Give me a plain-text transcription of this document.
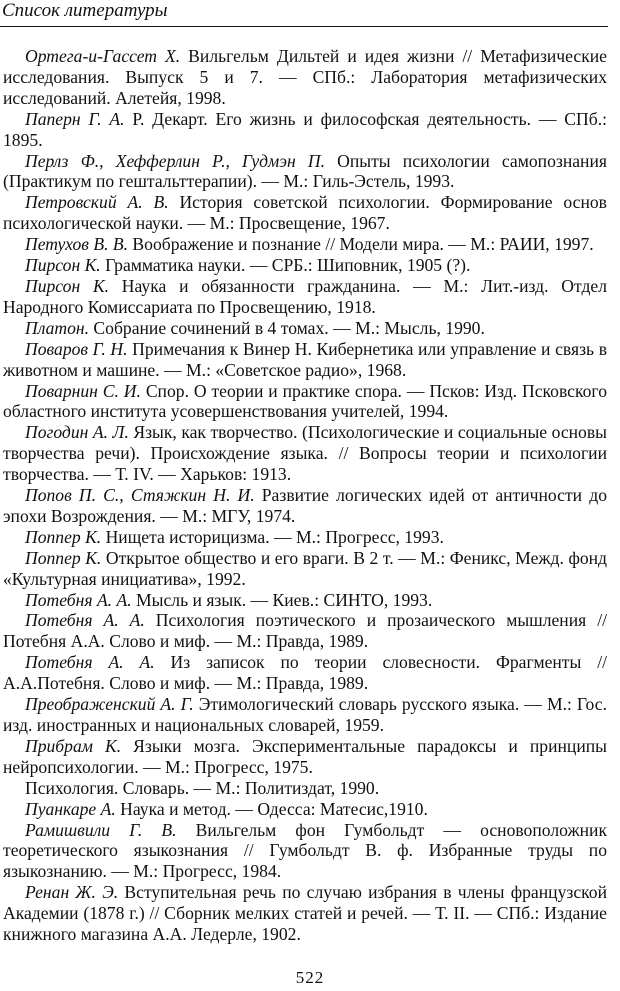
Список литературы

Ортега-и-Гассет Х. Вильгельм Дильтей и идея жизни // Метафизические исследования. Выпуск 5 и 7. — СПб.: Лаборатория метафизических исследований. Алетейя, 1998.

Паперн Г. А. Р. Декарт. Его жизнь и философская деятельность. — СПб.: 1895.

Перлз Ф., Хефферлин Р., Гудмэн П. Опыты психологии самопознания (Практикум по гештальттерапии). — М.: Гиль-Эстель, 1993.

Петровский А. В. История советской психологии. Формирование основ психологической науки. — М.: Просвещение, 1967.

Петухов В. В. Воображение и познание // Модели мира. — М.: РАИИ, 1997.

Пирсон К. Грамматика науки. — СРБ.: Шиповник, 1905 (?).

Пирсон К. Наука и обязанности гражданина. — М.: Лит.-изд. Отдел Народного Комиссариата по Просвещению, 1918.

Платон. Собрание сочинений в 4 томах. — М.: Мысль, 1990.

Поваров Г. Н. Примечания к Винер Н. Кибернетика или управление и связь в животном и машине. — М.: «Советское радио», 1968.

Поварнин С. И. Спор. О теории и практике спора. — Псков: Изд. Псковского областного института усовершенствования учителей, 1994.

Погодин А. Л. Язык, как творчество. (Психологические и социальные основы творчества речи). Происхождение языка. // Вопросы теории и психологии творчества. — Т. IV. — Харьков: 1913.

Попов П. С., Стяжкин Н. И. Развитие логических идей от античности до эпохи Возрождения. — М.: МГУ, 1974.

Поппер К. Нищета историцизма. — М.: Прогресс, 1993.

Поппер К. Открытое общество и его враги. В 2 т. — М.: Феникс, Межд. фонд «Культурная инициатива», 1992.

Потебня А. А. Мысль и язык. — Киев.: СИНТО, 1993.

Потебня А. А. Психология поэтического и прозаического мышления // Потебня А.А. Слово и миф. — М.: Правда, 1989.

Потебня А. А. Из записок по теории словесности. Фрагменты // А.А.Потебня. Слово и миф. — М.: Правда, 1989.

Преображенский А. Г. Этимологический словарь русского языка. — М.: Гос. изд. иностранных и национальных словарей, 1959.

Прибрам К. Языки мозга. Экспериментальные парадоксы и принципы нейропсихологии. — М.: Прогресс, 1975.

Психология. Словарь. — М.: Политиздат, 1990.

Пуанкаре А. Наука и метод. — Одесса: Матесис,1910.

Рамишвили Г. В. Вильгельм фон Гумбольдт — основоположник теоретического языкознания // Гумбольдт В. ф. Избранные труды по языкознанию. — М.: Прогресс, 1984.

Ренан Ж. Э. Вступительная речь по случаю избрания в члены французской Академии (1878 г.) // Сборник мелких статей и речей. — Т. II. — СПб.: Издание книжного магазина А.А. Ледерле, 1902.

522
